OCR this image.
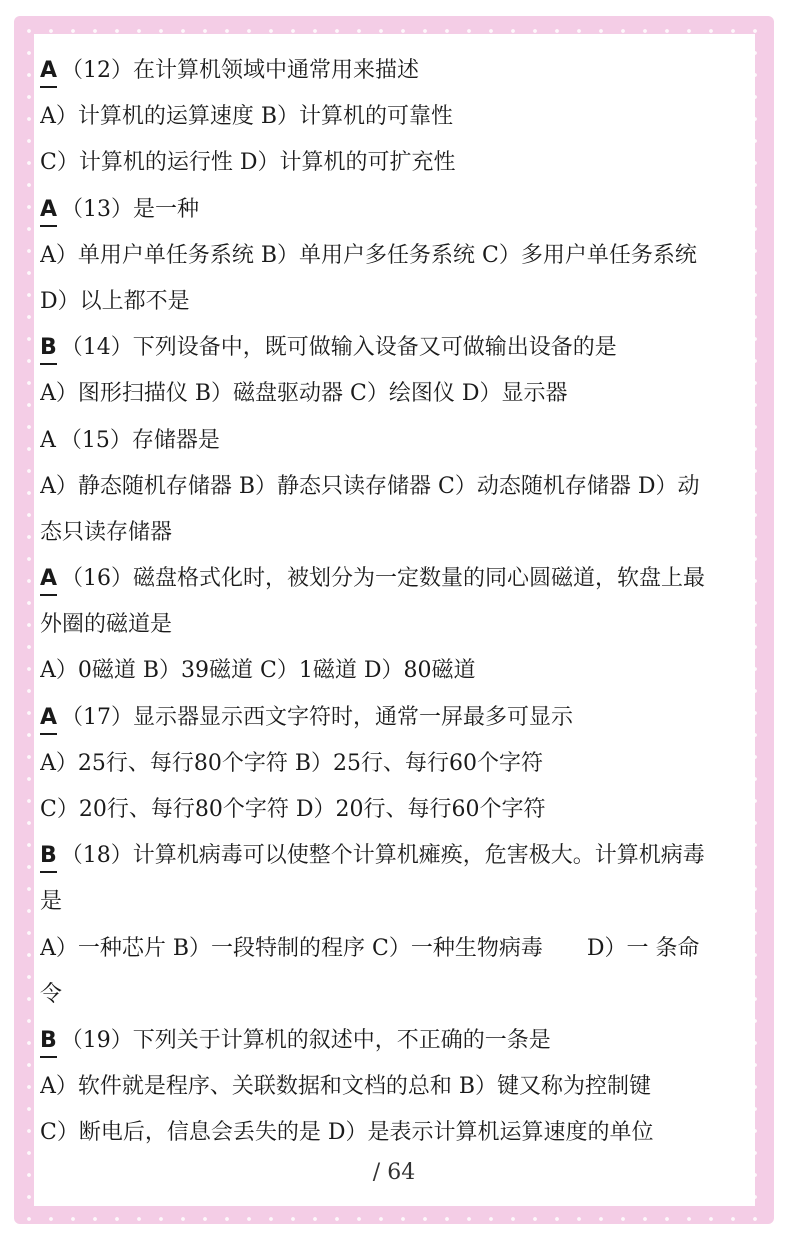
A （12）在计算机领域中通常用来描述
A）计算机的运算速度 B）计算机的可靠性
C）计算机的运行性 D）计算机的可扩充性
A （13）是一种
A）单用户单任务系统 B）单用户多任务系统 C）多用户单任务系统
D）以上都不是
B （14）下列设备中，既可做输入设备又可做输出设备的是
A）图形扫描仪 B）磁盘驱动器 C）绘图仪 D）显示器
A （15）存储器是
A）静态随机存储器 B）静态只读存储器 C）动态随机存储器 D）动
态只读存储器
A （16）磁盘格式化时，被划分为一定数量的同心圆磁道，软盘上最
外圈的磁道是
A）0磁道 B）39磁道 C）1磁道 D）80磁道
A （17）显示器显示西文字符时，通常一屏最多可显示
A）25行、每行80个字符 B）25行、每行60个字符
C）20行、每行80个字符 D）20行、每行60个字符
B （18）计算机病毒可以使整个计算机瘫痪，危害极大。计算机病毒
是
A）一种芯片 B）一段特制的程序 C）一种生物病毒　　D）一 条命
令
B （19）下列关于计算机的叙述中，不正确的一条是
A）软件就是程序、关联数据和文档的总和 B）键又称为控制键
C）断电后，信息会丢失的是 D）是表示计算机运算速度的单位
/ 64
